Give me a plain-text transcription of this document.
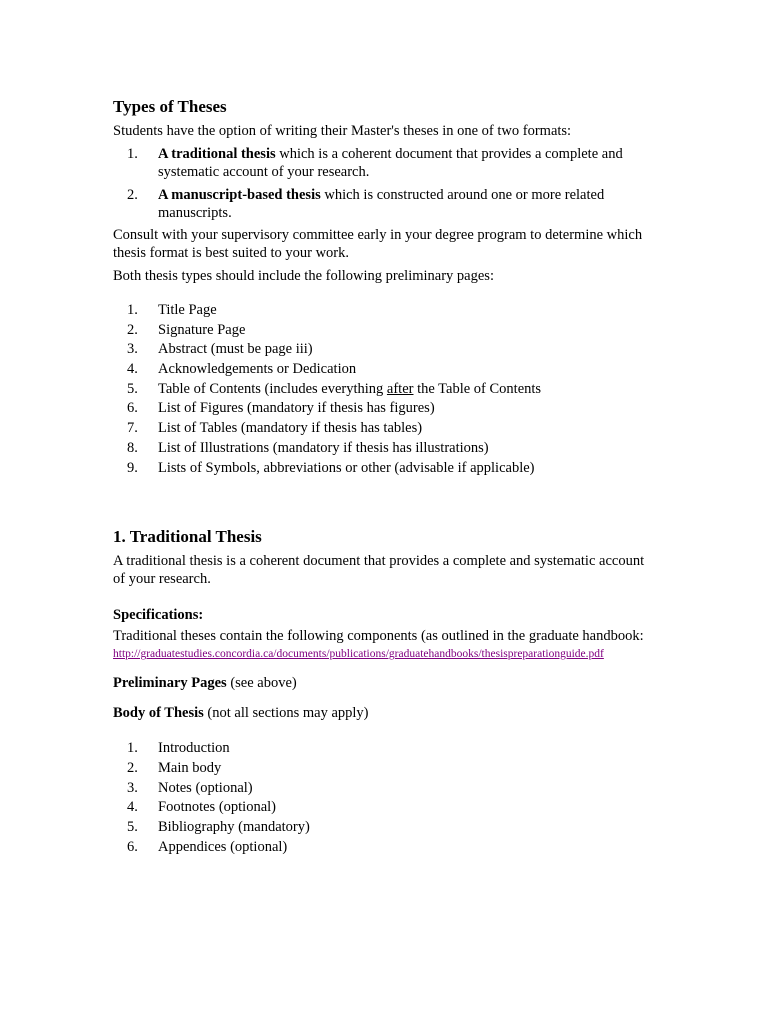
Types of Theses

Students have the option of writing their Master's theses in one of two formats:

1. A traditional thesis which is a coherent document that provides a complete and systematic account of your research.
2. A manuscript-based thesis which is constructed around one or more related manuscripts.

Consult with your supervisory committee early in your degree program to determine which thesis format is best suited to your work.

Both thesis types should include the following preliminary pages:

1. Title Page
2. Signature Page
3. Abstract (must be page iii)
4. Acknowledgements or Dedication
5. Table of Contents (includes everything after the Table of Contents
6. List of Figures (mandatory if thesis has figures)
7. List of Tables (mandatory if thesis has tables)
8. List of Illustrations (mandatory if thesis has illustrations)
9. Lists of Symbols, abbreviations or other (advisable if applicable)
1. Traditional Thesis

A traditional thesis is a coherent document that provides a complete and systematic account of your research.

Specifications:

Traditional theses contain the following components (as outlined in the graduate handbook:

http://graduatestudies.concordia.ca/documents/publications/graduatehandbooks/thesispreparationguide.pdf

Preliminary Pages (see above)

Body of Thesis (not all sections may apply)

1. Introduction
2. Main body
3. Notes (optional)
4. Footnotes (optional)
5. Bibliography (mandatory)
6. Appendices (optional)
